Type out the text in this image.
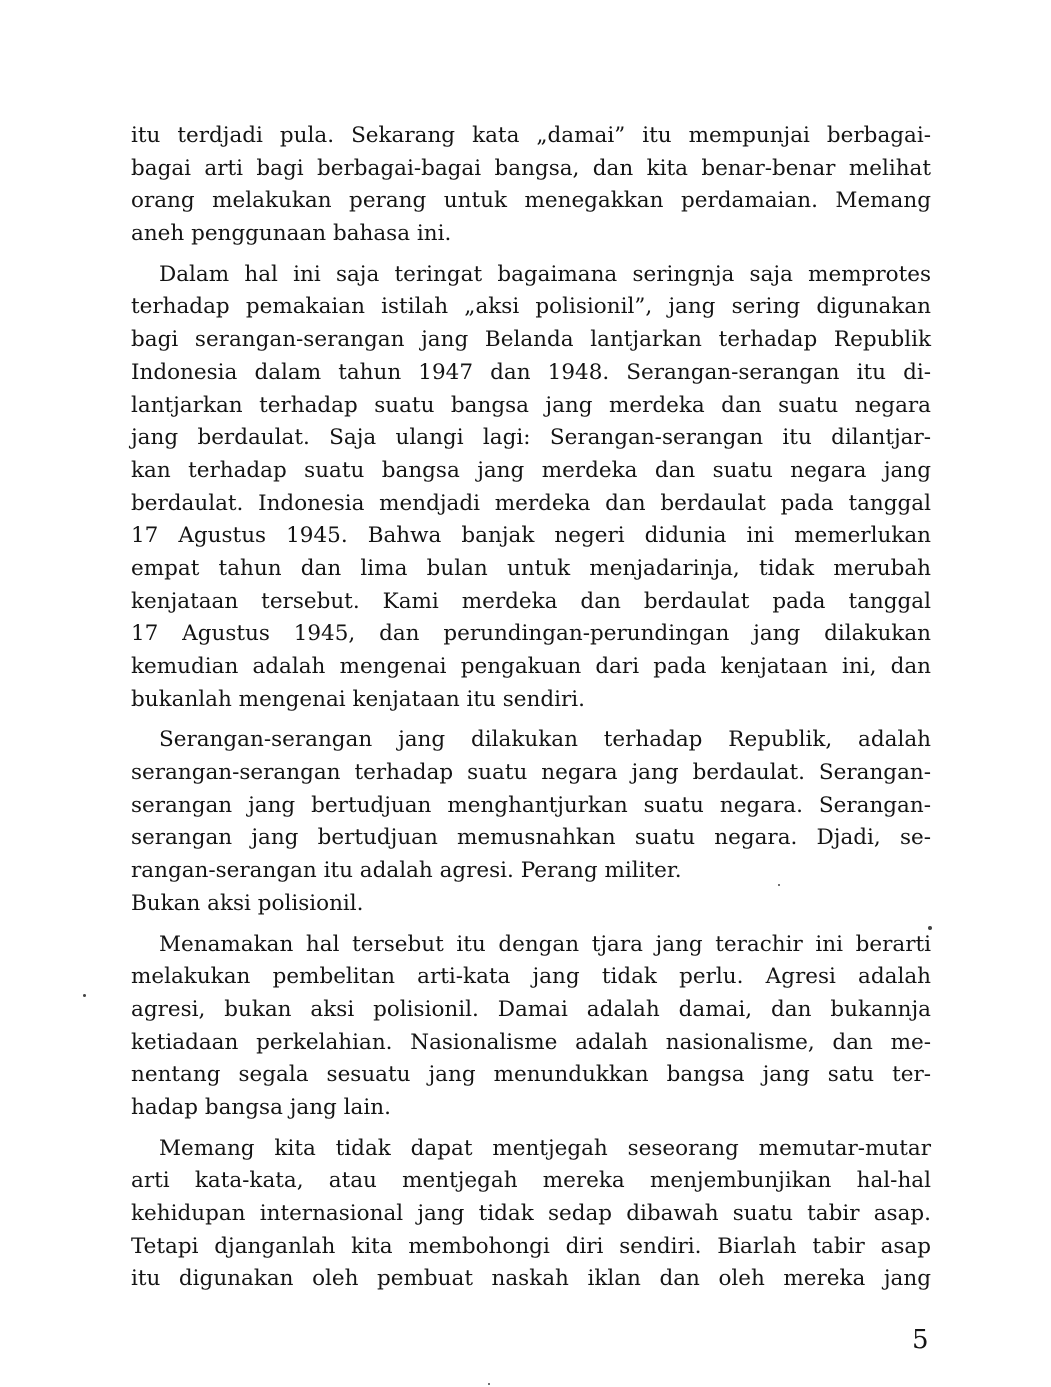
itu terdjadi pula. Sekarang kata „damai” itu mempunjai berbagai-
bagai arti bagi berbagai-bagai bangsa, dan kita benar-benar melihat
orang melakukan perang untuk menegakkan perdamaian. Memang
aneh penggunaan bahasa ini.
Dalam hal ini saja teringat bagaimana seringnja saja memprotes
terhadap pemakaian istilah „aksi polisionil”, jang sering digunakan
bagi serangan-serangan jang Belanda lantjarkan terhadap Republik
Indonesia dalam tahun 1947 dan 1948. Serangan-serangan itu di-
lantjarkan terhadap suatu bangsa jang merdeka dan suatu negara
jang berdaulat. Saja ulangi lagi: Serangan-serangan itu dilantjar-
kan terhadap suatu bangsa jang merdeka dan suatu negara jang
berdaulat. Indonesia mendjadi merdeka dan berdaulat pada tanggal
17 Agustus 1945. Bahwa banjak negeri didunia ini memerlukan
empat tahun dan lima bulan untuk menjadarinja, tidak merubah
kenjataan tersebut. Kami merdeka dan berdaulat pada tanggal
17 Agustus 1945, dan perundingan-perundingan jang dilakukan
kemudian adalah mengenai pengakuan dari pada kenjataan ini, dan
bukanlah mengenai kenjataan itu sendiri.
Serangan-serangan jang dilakukan terhadap Republik, adalah
serangan-serangan terhadap suatu negara jang berdaulat. Serangan-
serangan jang bertudjuan menghantjurkan suatu negara. Serangan-
serangan jang bertudjuan memusnahkan suatu negara. Djadi, se-
rangan-serangan itu adalah agresi. Perang militer.
Bukan aksi polisionil.
Menamakan hal tersebut itu dengan tjara jang terachir ini berarti
melakukan pembelitan arti-kata jang tidak perlu. Agresi adalah
agresi, bukan aksi polisionil. Damai adalah damai, dan bukannja
ketiadaan perkelahian. Nasionalisme adalah nasionalisme, dan me-
nentang segala sesuatu jang menundukkan bangsa jang satu ter-
hadap bangsa jang lain.
Memang kita tidak dapat mentjegah seseorang memutar-mutar
arti kata-kata, atau mentjegah mereka menjembunjikan hal-hal
kehidupan internasional jang tidak sedap dibawah suatu tabir asap.
Tetapi djanganlah kita membohongi diri sendiri. Biarlah tabir asap
itu digunakan oleh pembuat naskah iklan dan oleh mereka jang
5
